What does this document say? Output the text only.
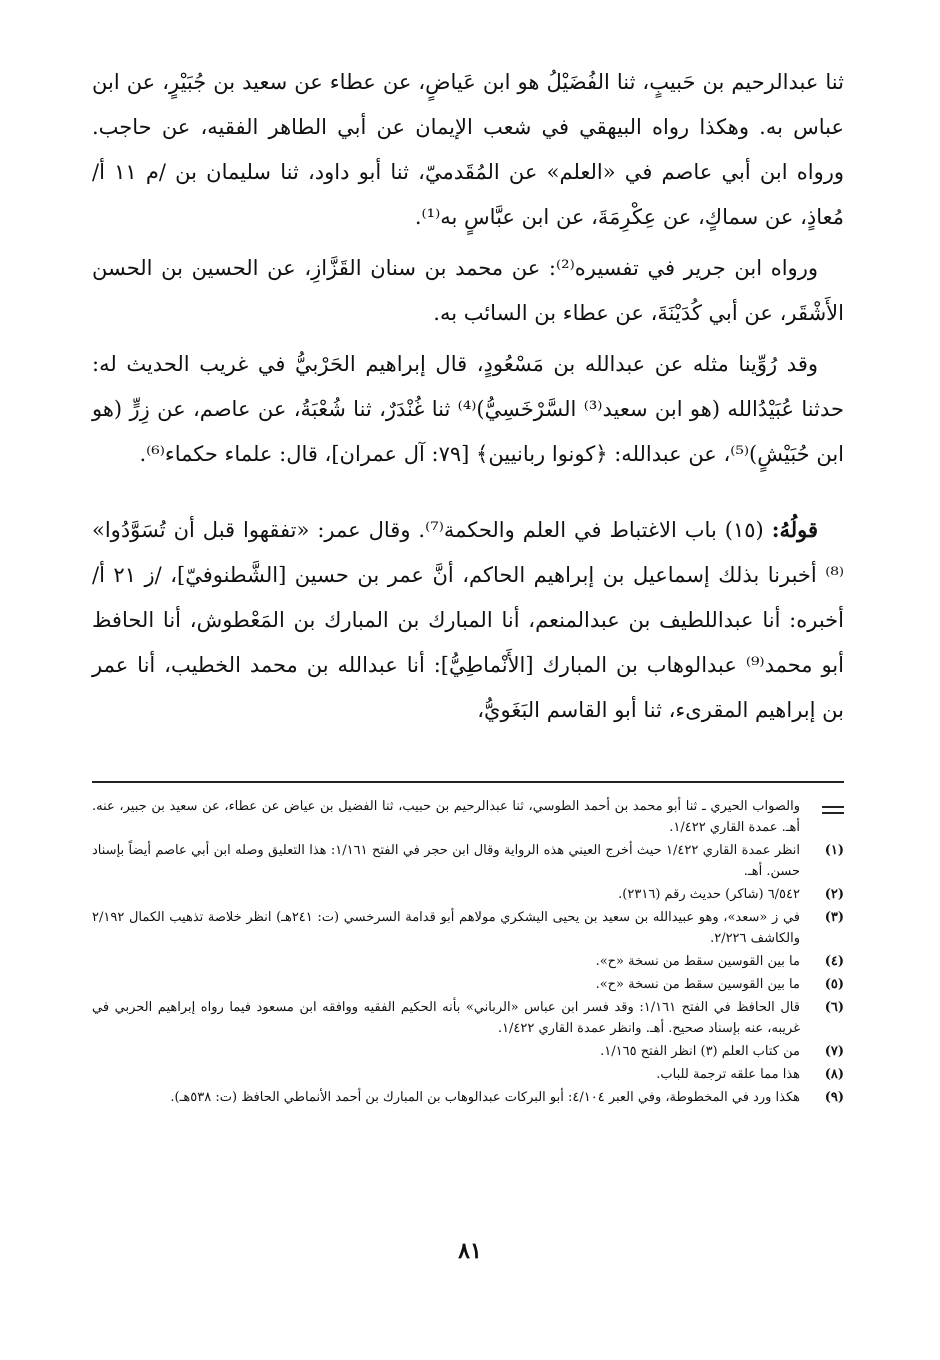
ثنا عبدالرحيم بن حَبيبٍ، ثنا الفُضَيْلُ هو ابن عَياضٍ، عن عطاء عن سعيد بن جُبَيْرٍ، عن ابن عباس به. وهكذا رواه البيهقي في شعب الإيمان عن أبي الطاهر الفقيه، عن حاجب. ورواه ابن أبي عاصم في «العلم» عن المُقَدميّ، ثنا أبو داود، ثنا سليمان بن /م ١١ أ/ مُعاذٍ، عن سماكٍ، عن عِكْرِمَةَ، عن ابن عبَّاسٍ به⁽¹⁾.

ورواه ابن جرير في تفسيره⁽²⁾: عن محمد بن سنان القَزَّازِ، عن الحسين بن الحسن الأَشْقَر، عن أبي كُدَيْنَةَ، عن عطاء بن السائب به.

وقد رُوِّينا مثله عن عبدالله بن مَسْعُودٍ، قال إبراهيم الحَرْبيُّ في غريب الحديث له: حدثنا عُبَيْدُالله (هو ابن سعيد⁽³⁾ السَّرْخَسِيُّ)⁽⁴⁾ ثنا غُنْدَرٌ، ثنا شُعْبَةُ، عن عاصم، عن زِرٍّ (هو ابن حُبَيْشٍ)⁽⁵⁾، عن عبدالله: ﴿كونوا ربانيين﴾ [٧٩: آل عمران]، قال: علماء حكماء⁽⁶⁾.

قولُهُ: (١٥) باب الاغتباط في العلم والحكمة⁽⁷⁾. وقال عمر: «تفقهوا قبل أن تُسَوَّدُوا» ⁽⁸⁾ أخبرنا بذلك إسماعيل بن إبراهيم الحاكم، أنَّ عمر بن حسين [الشَّطنوفيّ]، /ز ٢١ أ/ أخبره: أنا عبداللطيف بن عبدالمنعم، أنا المبارك بن المبارك بن المَعْطوش، أنا الحافظ أبو محمد⁽⁹⁾ عبدالوهاب بن المبارك [الأَنْماطِيُّ]: أنا عبدالله بن محمد الخطيب، أنا عمر بن إبراهيم المقرىء، ثنا أبو القاسم البَغَويُّ،

والصواب الحيري ـ ثنا أبو محمد بن أحمد الطوسي، ثنا عبدالرحيم بن حبيب، ثنا الفضيل بن عياض عن عطاء، عن سعيد بن جبير، عنه. أهـ. عمدة القاري ١/٤٢٢.
(١)
انظر عمدة القاري ١/٤٢٢ حيث أخرج العيني هذه الرواية وقال ابن حجر في الفتح ١/١٦١: هذا التعليق وصله ابن أبي عاصم أيضاً بإسناد حسن. أهـ.
(٢)
٦/٥٤٢ (شاكر) حديث رقم (٢٣١٦).
(٣)
في ز «سعد»، وهو عبيدالله بن سعيد بن يحيى اليشكري مولاهم أبو قدامة السرخسي (ت: ٢٤١هـ) انظر خلاصة تذهيب الكمال ٢/١٩٢ والكاشف ٢/٢٢٦.
(٤)
ما بين القوسين سقط من نسخة «ح».
(٥)
ما بين القوسين سقط من نسخة «ح».
(٦)
قال الحافظ في الفتح ١/١٦١: وقد فسر ابن عباس «الرباني» بأنه الحكيم الفقيه ووافقه ابن مسعود فيما رواه إبراهيم الحربي في غريبه، عنه بإسناد صحيح. أهـ. وانظر عمدة القاري ١/٤٢٢.
(٧)
من كتاب العلم (٣) انظر الفتح ١/١٦٥.
(٨)
هذا مما علقه ترجمة للباب.
(٩)
هكذا ورد في المخطوطة، وفي العبر ٤/١٠٤: أبو البركات عبدالوهاب بن المبارك بن أحمد الأنماطي الحافظ (ت: ٥٣٨هـ).
٨١
